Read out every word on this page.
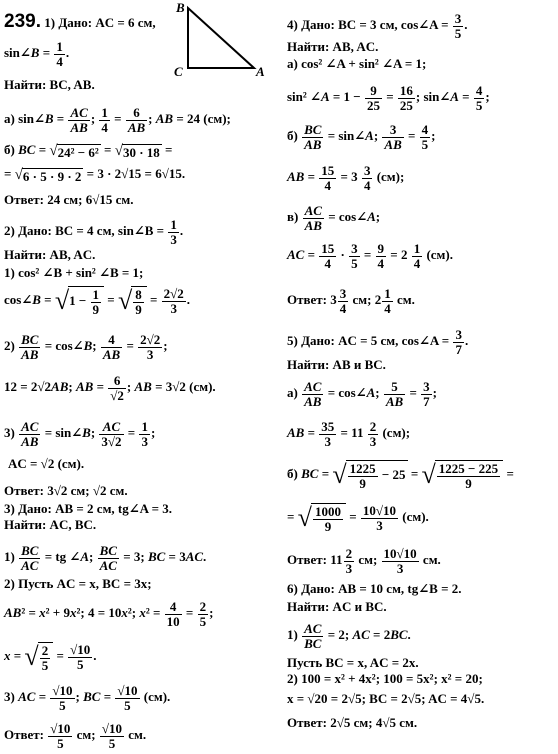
B
C	A
239. 1) Дано: AC = 6 см,
sin∠B = $\frac{1}{4}$ .
Найти: BC, AB.
а) sin∠B = $\frac{AC}{AB}$ ; $\frac{1}{4} = \frac{6}{AB}$ ; AB = 24 (см);
б) BC = √24² − 6² = √30 · 18 =
= √6 · 5 · 9 · 2 = 3 · 2√15 = 6√15.
Ответ: 24 см; 6√15 см.
2) Дано: BC = 4 см, sin∠B = $\frac{1}{3}$ .
Найти: AB, AC.
1) cos² ∠B + sin² ∠B = 1;
cos∠B = $√1 - \frac{1}{9}$ = √ $\frac{8}{9} = \frac{2√2}{3}$ .
$2) \frac{BC}{AB}$ = cos∠B; $\frac{4}{AB} = \frac{2√2}{3}$ ;
12 = 2√2AB; AB = $\frac{6}{√2}$ ; AB = 3√2 (см).
$3) \frac{AC}{AB}$ = sin∠B; $\frac{AC}{3√2} = \frac{1}{3}$ ;
AC = √2 (см).
Ответ: 3√2 см; √2 см.
3) Дано: AB = 2 см, tg∠A = 3.
Найти: AC, BC.
$1) \frac{BC}{AC}$ = tg ∠A; $\frac{BC}{AC} = 3$; BC = 3AC.
2) Пусть AC = x, BC = 3x;
AB² = x² + 9x²; 4 = 10x²; $x^2 = \frac{4}{10} = \frac{2}{5}$ ;
x = √ $\frac{2}{5} = \frac{√10}{5}$ .
3) AC = $\frac{√10}{5}$ ; BC = $\frac{√10}{5} (см)$.
Ответ: $\frac{√10}{5}$ см; $\frac{√10}{5}$ см.
4) Дано: BC = 3 см, cos∠A = $\frac{3}{5}$ .
Найти: AB, AC.
a) cos² ∠A + sin² ∠A = 1;
sin² ∠A = $1 - \frac{9}{25} = \frac{16}{25}$ ; sin∠A = $\frac{4}{5}$ ;
$б) \frac{BC}{AB}$ = sin∠A; $\frac{3}{AB} = \frac{4}{5}$ ;
AB = $\frac{15}{4} = 3 \frac{3}{4} (см)$;
$в) \frac{AC}{AB}$ = cos∠A;
AC = $\frac{15}{4} \cdot \frac{3}{5} = \frac{9}{4} = 2 \frac{1}{4} (см)$.
Ответ: $3 \frac{3}{4}$ см; $2 \frac{1}{4}$ см.
5) Дано: AC = 5 см, cos∠A = $\frac{3}{7}$ .
Найти: AB и BC.
$а) \frac{AC}{AB}$ = cos∠A; $\frac{5}{AB} = \frac{3}{7}$ ;
AB = $\frac{35}{3} = 11 \frac{2}{3} (см)$;
б) BC = √ $\frac{1225}{9} - 25$ = √ $\frac{1225 - 225}{9}$ =
= √ $\frac{1000}{9} = \frac{10√10}{3} (см)$.
Ответ: $11 \frac{2}{3}$ см; $\frac{10√10}{3}$ см.
6) Дано: AB = 10 см, tg∠B = 2.
Найти: AC и BC.
$1) \frac{AC}{BC} = 2$; AC = 2BC.
Пусть BC = x, AC = 2x.
2) 100 = x² + 4x²; 100 = 5x²; x² = 20;
x = √20 = 2√5; BC = 2√5; AC = 4√5.
Ответ: 2√5 см; 4√5 см.
